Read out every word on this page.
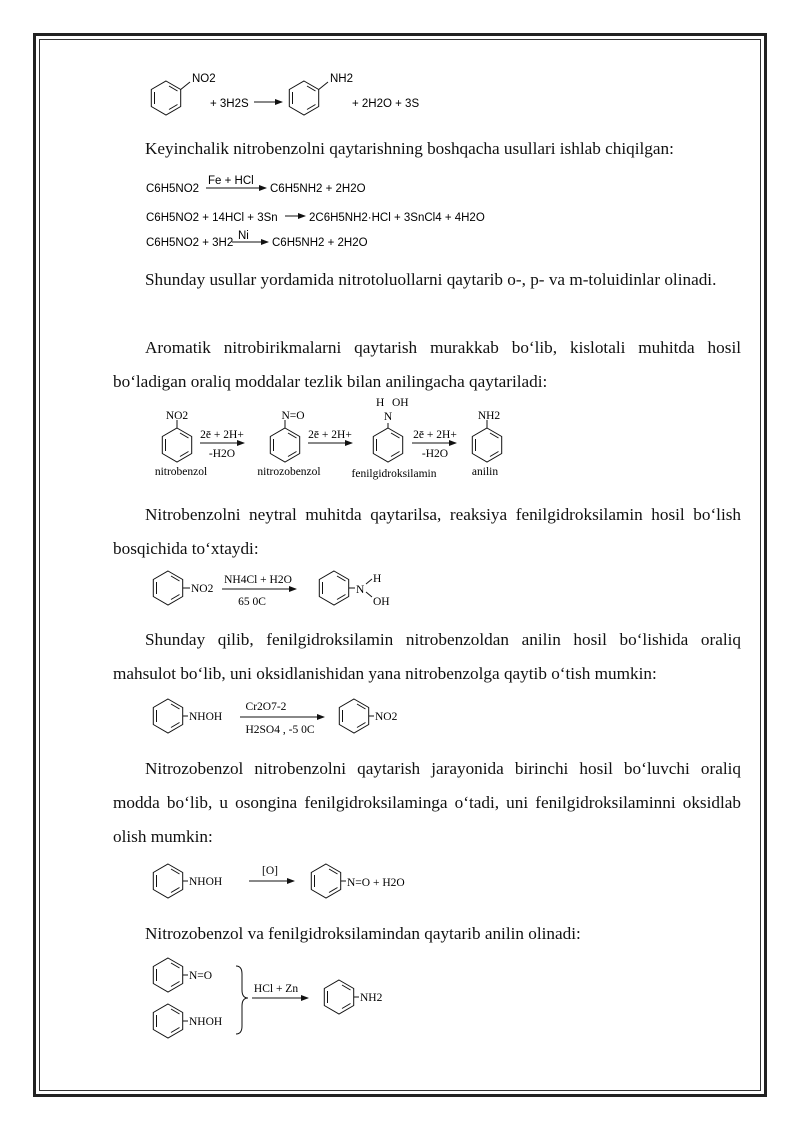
NO2
+ 3H2S
NH2
+ 2H2O + 3S
C6H5NO2
Fe + HCl
C6H5NH2 + 2H2O
C6H5NO2 + 14HCl + 3Sn	2C6H5NH2·HCl + 3SnCl4 + 4H2O
C6H5NO2 + 3H2
Ni
C6H5NH2 + 2H2O
NO2
2ē + 2H+
-H2O
nitrobenzol
N=O
2ē + 2H+
nitrozobenzol
N
H OH
2ē + 2H+
-H2O
fenilgidroksilamin
NH2
anilin
NO2
NH4Cl + H2O
65 0C
N
H
OH
NHOH
Cr2O7-2
H2SO4 , -5 0C
NO2
NHOH
[O]
N=O + H2O
N=O
NHOH
HCl + Zn
NH2

Keyinchalik nitrobenzolni qaytarishning boshqacha usullari ishlab chiqilgan:

Shunday usullar yordamida nitrotoluollarni qaytarib o-, p- va m-toluidinlar olinadi.

Aromatik nitrobirikmalarni qaytarish murakkab bo‘lib, kislotali muhitda hosil bo‘ladigan oraliq moddalar tezlik bilan anilingacha qaytariladi:

Nitrobenzolni neytral muhitda qaytarilsa, reaksiya fenilgidroksilamin hosil bo‘lish bosqichida to‘xtaydi:

Shunday qilib, fenilgidroksilamin nitrobenzoldan anilin hosil bo‘lishida oraliq mahsulot bo‘lib, uni oksidlanishidan yana nitrobenzolga qaytib o‘tish mumkin:

Nitrozobenzol nitrobenzolni qaytarish jarayonida birinchi hosil bo‘luvchi oraliq modda bo‘lib, u osongina fenilgidroksilaminga o‘tadi, uni fenilgidroksilaminni oksidlab olish mumkin:

Nitrozobenzol va fenilgidroksilamindan qaytarib anilin olinadi:
